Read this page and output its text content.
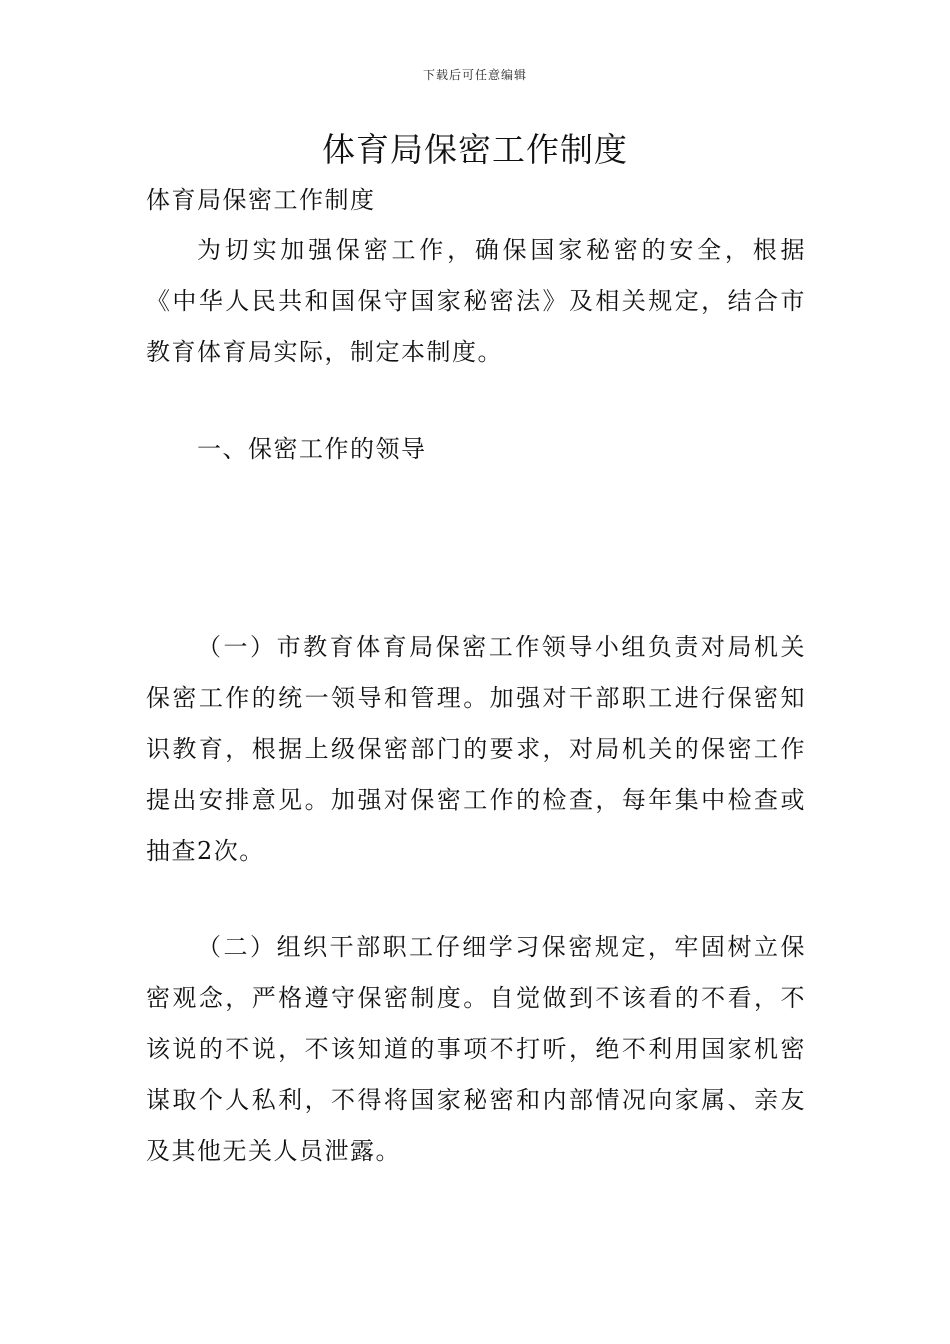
下载后可任意编辑
体育局保密工作制度

体育局保密工作制度

为切实加强保密工作，确保国家秘密的安全，根据《中华人民共和国保守国家秘密法》及相关规定，结合市教育体育局实际，制定本制度。

一、保密工作的领导

（一）市教育体育局保密工作领导小组负责对局机关保密工作的统一领导和管理。加强对干部职工进行保密知识教育，根据上级保密部门的要求，对局机关的保密工作提出安排意见。加强对保密工作的检查，每年集中检查或抽查2次。

（二）组织干部职工仔细学习保密规定，牢固树立保密观念，严格遵守保密制度。自觉做到不该看的不看，不该说的不说，不该知道的事项不打听，绝不利用国家机密谋取个人私利，不得将国家秘密和内部情况向家属、亲友及其他无关人员泄露。
